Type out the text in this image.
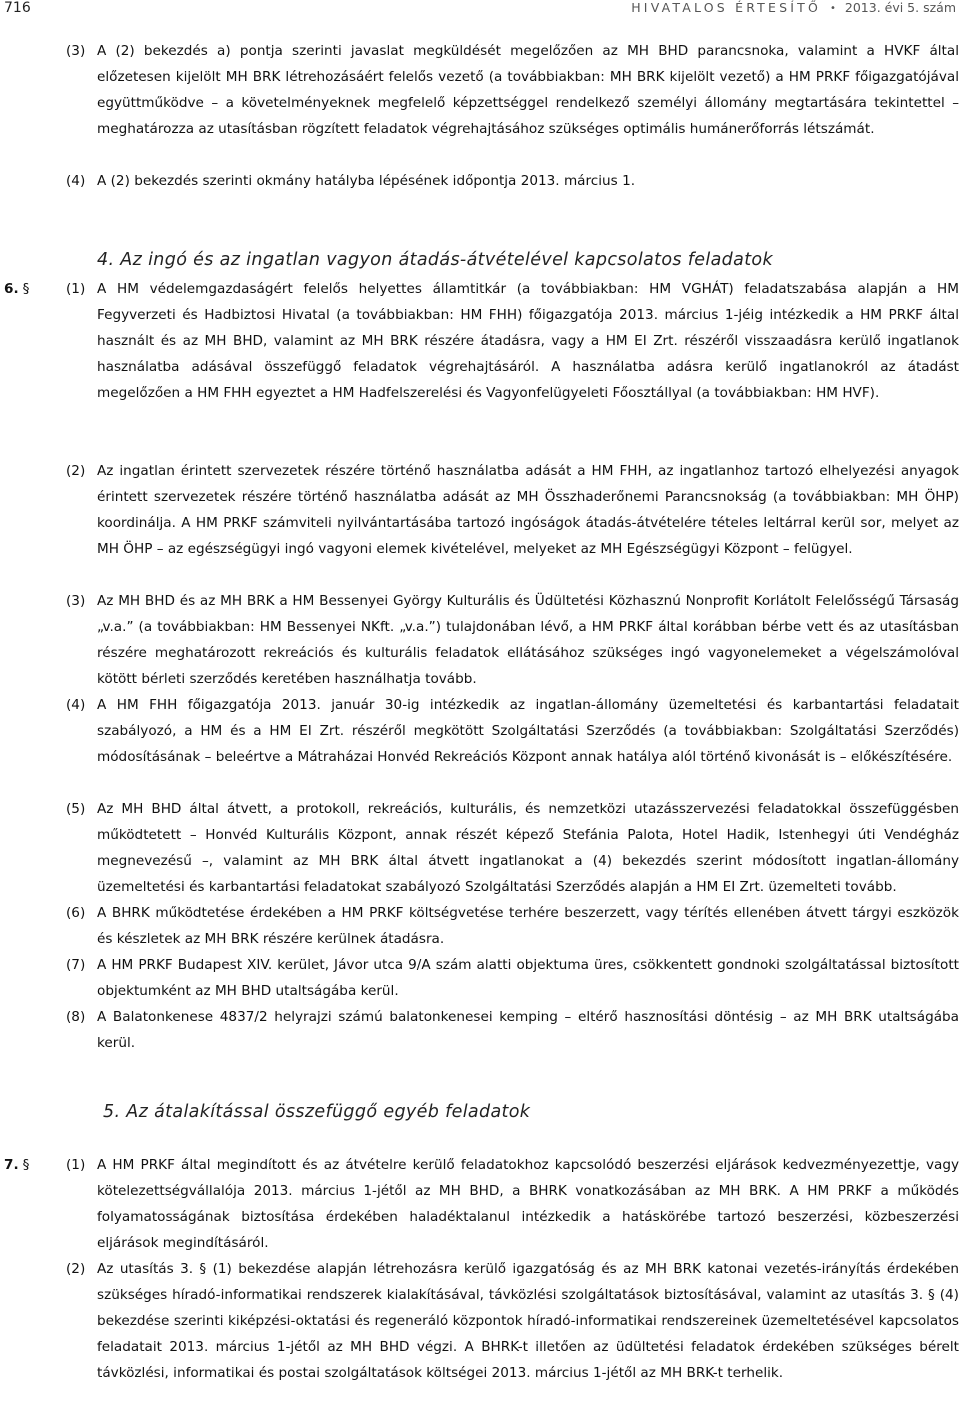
716	HIVATALOS ÉRTESÍTŐ • 2013. évi 5. szám
(3) A (2) bekezdés a) pontja szerinti javaslat megküldését megelőzően az MH BHD parancsnoka, valamint a HVKF által előzetesen kijelölt MH BRK létrehozásáért felelős vezető (a továbbiakban: MH BRK kijelölt vezető) a HM PRKF főigazgatójával együttműködve – a követelményeknek megfelelő képzettséggel rendelkező személyi állomány megtartására tekintettel – meghatározza az utasításban rögzített feladatok végrehajtásához szükséges optimális humánerőforrás létszámát.
(4) A (2) bekezdés szerinti okmány hatályba lépésének időpontja 2013. március 1.
4. Az ingó és az ingatlan vagyon átadás-átvételével kapcsolatos feladatok
6. §	(1) A HM védelemgazdaságért felelős helyettes államtitkár (a továbbiakban: HM VGHÁT) feladatszabása alapján a HM Fegyverzeti és Hadbiztosi Hivatal (a továbbiakban: HM FHH) főigazgatója 2013. március 1-jéig intézkedik a HM PRKF által használt és az MH BHD, valamint az MH BRK részére átadásra, vagy a HM EI Zrt. részéről visszaadásra kerülő ingatlanok használatba adásával összefüggő feladatok végrehajtásáról. A használatba adásra kerülő ingatlanokról az átadást megelőzően a HM FHH egyeztet a HM Hadfelszerelési és Vagyonfelügyeleti Főosztállyal (a továbbiakban: HM HVF).
(2) Az ingatlan érintett szervezetek részére történő használatba adását a HM FHH, az ingatlanhoz tartozó elhelyezési anyagok érintett szervezetek részére történő használatba adását az MH Összhaderőnemi Parancsnokság (a továbbiakban: MH ÖHP) koordinálja. A HM PRKF számviteli nyilvántartásába tartozó ingóságok átadás-átvételére tételes leltárral kerül sor, melyet az MH ÖHP – az egészségügyi ingó vagyoni elemek kivételével, melyeket az MH Egészségügyi Központ – felügyel.
(3) Az MH BHD és az MH BRK a HM Bessenyei György Kulturális és Üdültetési Közhasznú Nonprofit Korlátolt Felelősségű Társaság „v.a.” (a továbbiakban: HM Bessenyei NKft. „v.a.”) tulajdonában lévő, a HM PRKF által korábban bérbe vett és az utasításban részére meghatározott rekreációs és kulturális feladatok ellátásához szükséges ingó vagyonelemeket a végelszámolóval kötött bérleti szerződés keretében használhatja tovább.
(4) A HM FHH főigazgatója 2013. január 30-ig intézkedik az ingatlan-állomány üzemeltetési és karbantartási feladatait szabályozó, a HM és a HM EI Zrt. részéről megkötött Szolgáltatási Szerződés (a továbbiakban: Szolgáltatási Szerződés) módosításának – beleértve a Mátraházai Honvéd Rekreációs Központ annak hatálya alól történő kivonását is – előkészítésére.
(5) Az MH BHD által átvett, a protokoll, rekreációs, kulturális, és nemzetközi utazásszervezési feladatokkal összefüggésben működtetett – Honvéd Kulturális Központ, annak részét képező Stefánia Palota, Hotel Hadik, Istenhegyi úti Vendégház megnevezésű –, valamint az MH BRK által átvett ingatlanokat a (4) bekezdés szerint módosított ingatlan-állomány üzemeltetési és karbantartási feladatokat szabályozó Szolgáltatási Szerződés alapján a HM EI Zrt. üzemelteti tovább.
(6) A BHRK működtetése érdekében a HM PRKF költségvetése terhére beszerzett, vagy térítés ellenében átvett tárgyi eszközök és készletek az MH BRK részére kerülnek átadásra.
(7) A HM PRKF Budapest XIV. kerület, Jávor utca 9/A szám alatti objektuma üres, csökkentett gondnoki szolgáltatással biztosított objektumként az MH BHD utaltságába kerül.
(8) A Balatonkenese 4837/2 helyrajzi számú balatonkenesei kemping – eltérő hasznosítási döntésig – az MH BRK utaltságába kerül.
5. Az átalakítással összefüggő egyéb feladatok
7. §	(1) A HM PRKF által megindított és az átvételre kerülő feladatokhoz kapcsolódó beszerzési eljárások kedvezményezettje, vagy kötelezettségvállalója 2013. március 1-jétől az MH BHD, a BHRK vonatkozásában az MH BRK. A HM PRKF a működés folyamatosságának biztosítása érdekében haladéktalanul intézkedik a hatáskörébe tartozó beszerzési, közbeszerzési eljárások megindításáról.
(2) Az utasítás 3. § (1) bekezdése alapján létrehozásra kerülő igazgatóság és az MH BRK katonai vezetés-irányítás érdekében szükséges híradó-informatikai rendszerek kialakításával, távközlési szolgáltatások biztosításával, valamint az utasítás 3. § (4) bekezdése szerinti kiképzési-oktatási és regeneráló központok híradó-informatikai rendszereinek üzemeltetésével kapcsolatos feladatait 2013. március 1-jétől az MH BHD végzi. A BHRK-t illetően az üdültetési feladatok érdekében szükséges bérelt távközlési, informatikai és postai szolgáltatások költségei 2013. március 1-jétől az MH BRK-t terhelik.
